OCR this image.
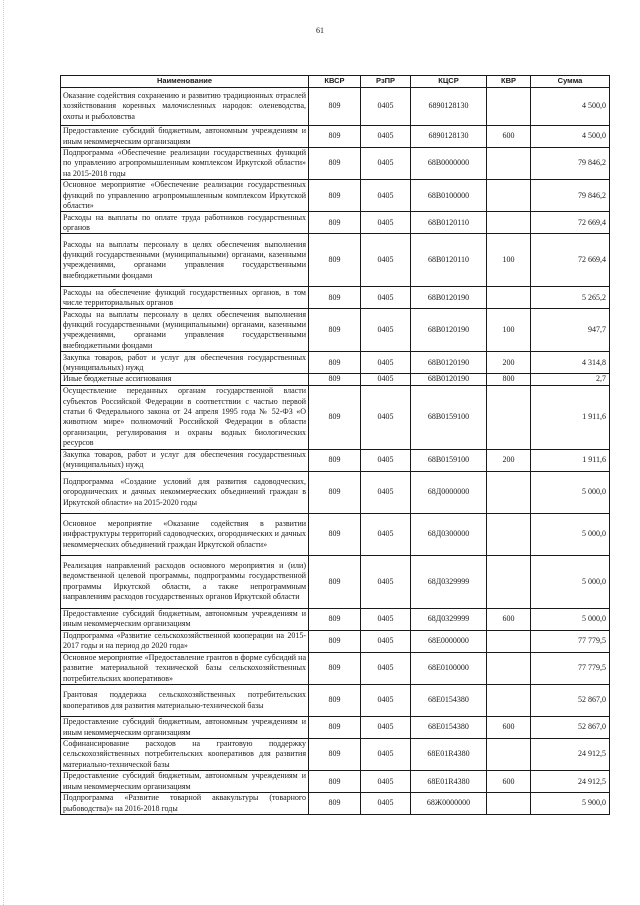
61
Наименование	КВСР	РзПР	КЦСР	КВР	Сумма
Оказание содействия сохранению и развитию традиционных отраслей хозяйствования коренных малочисленных народов: оленеводства, охоты и рыболовства	809	0405	6890128130		4 500,0
Предоставление субсидий бюджетным, автономным учреждениям и иным некоммерческим организациям	809	0405	6890128130	600	4 500,0
Подпрограмма «Обеспечение реализации государственных функций по управлению агропромышленным комплексом Иркутской области» на 2015-2018 годы	809	0405	68В0000000		79 846,2
Основное мероприятие «Обеспечение реализации государственных функций по управлению агропромышленным комплексом Иркутской области»	809	0405	68В0100000		79 846,2
Расходы на выплаты по оплате труда работников государственных органов	809	0405	68В0120110		72 669,4
Расходы на выплаты персоналу в целях обеспечения выполнения функций государственными (муниципальными) органами, казенными учреждениями, органами управления государственными внебюджетными фондами	809	0405	68В0120110	100	72 669,4
Расходы на обеспечение функций государственных органов, в том числе территориальных органов	809	0405	68В0120190		5 265,2
Расходы на выплаты персоналу в целях обеспечения выполнения функций государственными (муниципальными) органами, казенными учреждениями, органами управления государственными внебюджетными фондами	809	0405	68В0120190	100	947,7
Закупка товаров, работ и услуг для обеспечения государственных (муниципальных) нужд	809	0405	68В0120190	200	4 314,8
Иные бюджетные ассигнования	809	0405	68В0120190	800	2,7
Осуществление переданных органам государственной власти субъектов Российской Федерации в соответствии с частью первой статьи 6 Федерального закона от 24 апреля 1995 года № 52-ФЗ «О животном мире» полномочий Российской Федерации в области организации, регулирования и охраны водных биологических ресурсов	809	0405	68В0159100		1 911,6
Закупка товаров, работ и услуг для обеспечения государственных (муниципальных) нужд	809	0405	68В0159100	200	1 911,6
Подпрограмма «Создание условий для развития садоводческих, огороднических и дачных некоммерческих объединений граждан в Иркутской области» на 2015-2020 годы	809	0405	68Д0000000		5 000,0
Основное мероприятие «Оказание содействия в развитии инфраструктуры территорий садоводческих, огороднических и дачных некоммерческих объединений граждан Иркутской области»	809	0405	68Д0300000		5 000,0
Реализация направлений расходов основного мероприятия и (или) ведомственной целевой программы, подпрограммы государственной программы Иркутской области, а также непрограммным направлениям расходов государственных органов Иркутской области	809	0405	68Д0329999		5 000,0
Предоставление субсидий бюджетным, автономным учреждениям и иным некоммерческим организациям	809	0405	68Д0329999	600	5 000,0
Подпрограмма «Развитие сельскохозяйственной кооперации на 2015-2017 годы и на период до 2020 года»	809	0405	68Е0000000		77 779,5
Основное мероприятие «Предоставление грантов в форме субсидий на развитие материальной технической базы сельскохозяйственных потребительских кооперативов»	809	0405	68Е0100000		77 779,5
Грантовая поддержка сельскохозяйственных потребительских кооперативов для развития материально-технической базы	809	0405	68Е0154380		52 867,0
Предоставление субсидий бюджетным, автономным учреждениям и иным некоммерческим организациям	809	0405	68Е0154380	600	52 867,0
Софинансирование расходов на грантовую поддержку сельскохозяйственных потребительских кооперативов для развития материально-технической базы	809	0405	68Е01R4380		24 912,5
Предоставление субсидий бюджетным, автономным учреждениям и иным некоммерческим организациям	809	0405	68Е01R4380	600	24 912,5
Подпрограмма «Развитие товарной аквакультуры (товарного рыбоводства)» на 2016-2018 годы	809	0405	68Ж0000000		5 900,0
